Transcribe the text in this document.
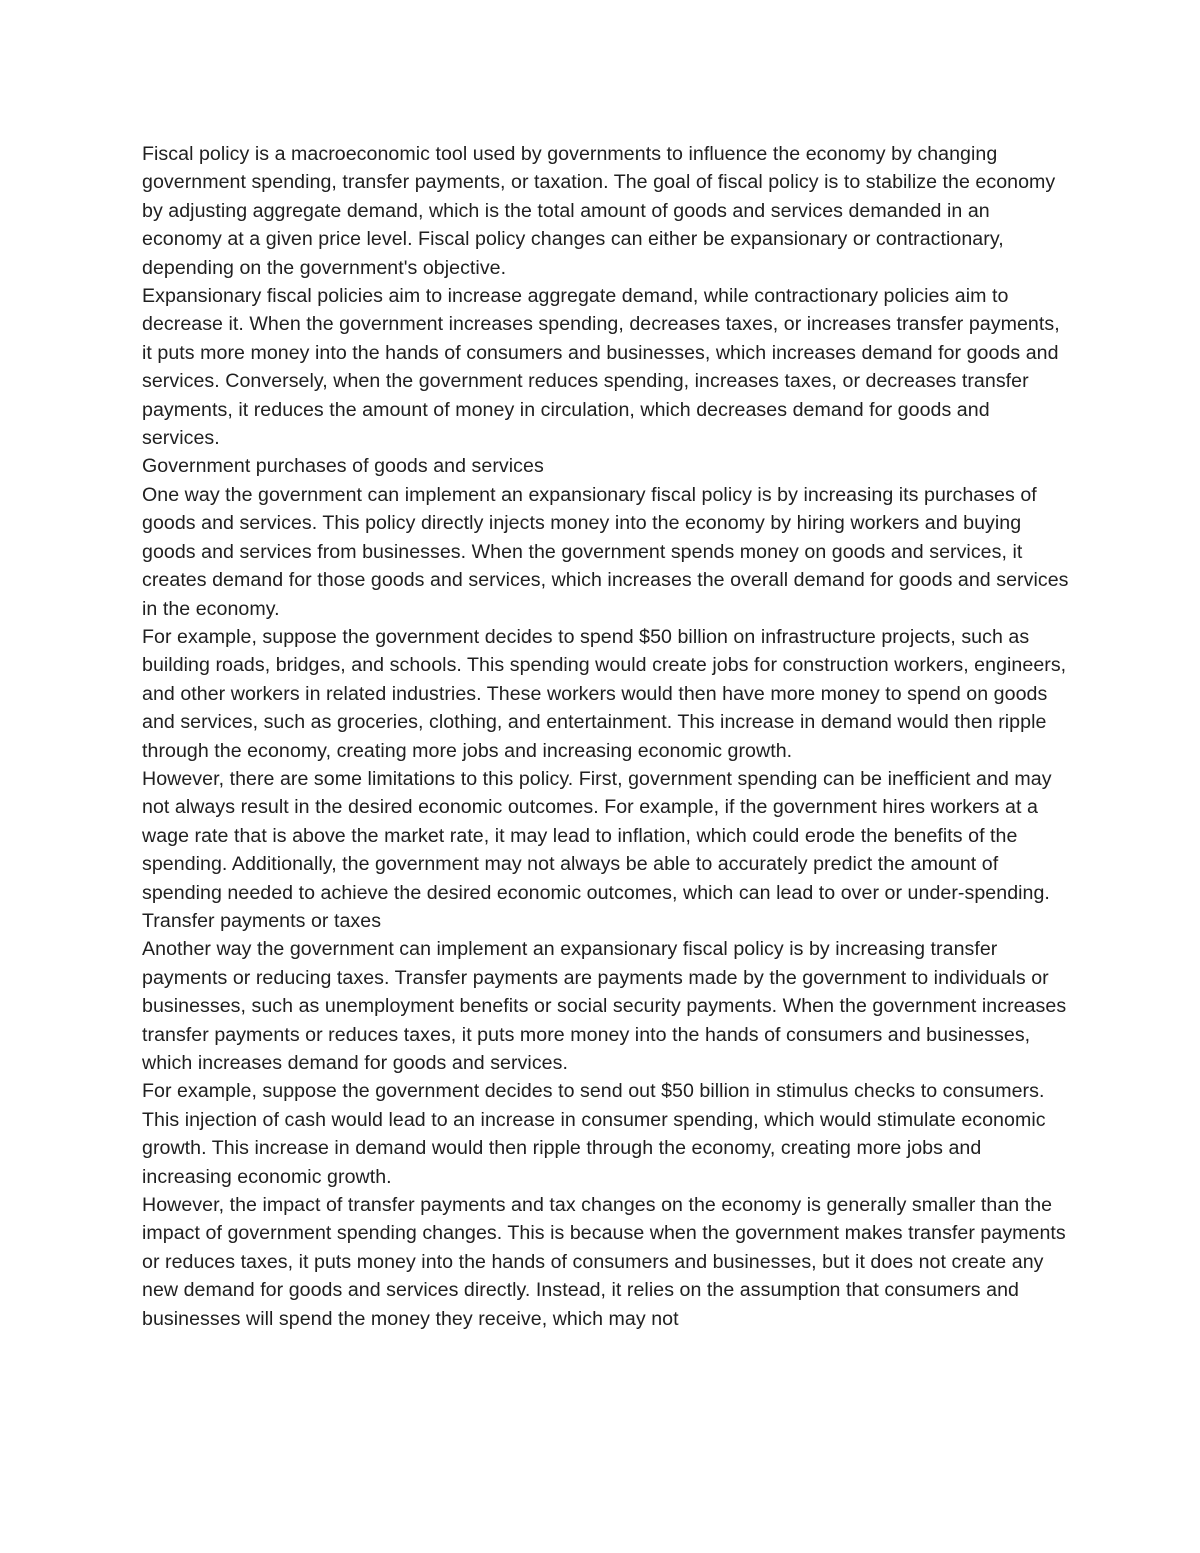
Fiscal policy is a macroeconomic tool used by governments to influence the economy by changing government spending, transfer payments, or taxation. The goal of fiscal policy is to stabilize the economy by adjusting aggregate demand, which is the total amount of goods and services demanded in an economy at a given price level. Fiscal policy changes can either be expansionary or contractionary, depending on the government's objective.

Expansionary fiscal policies aim to increase aggregate demand, while contractionary policies aim to decrease it. When the government increases spending, decreases taxes, or increases transfer payments, it puts more money into the hands of consumers and businesses, which increases demand for goods and services. Conversely, when the government reduces spending, increases taxes, or decreases transfer payments, it reduces the amount of money in circulation, which decreases demand for goods and services.

Government purchases of goods and services

One way the government can implement an expansionary fiscal policy is by increasing its purchases of goods and services. This policy directly injects money into the economy by hiring workers and buying goods and services from businesses. When the government spends money on goods and services, it creates demand for those goods and services, which increases the overall demand for goods and services in the economy.

For example, suppose the government decides to spend $50 billion on infrastructure projects, such as building roads, bridges, and schools. This spending would create jobs for construction workers, engineers, and other workers in related industries. These workers would then have more money to spend on goods and services, such as groceries, clothing, and entertainment. This increase in demand would then ripple through the economy, creating more jobs and increasing economic growth.

However, there are some limitations to this policy. First, government spending can be inefficient and may not always result in the desired economic outcomes. For example, if the government hires workers at a wage rate that is above the market rate, it may lead to inflation, which could erode the benefits of the spending. Additionally, the government may not always be able to accurately predict the amount of spending needed to achieve the desired economic outcomes, which can lead to over or under-spending.

Transfer payments or taxes

Another way the government can implement an expansionary fiscal policy is by increasing transfer payments or reducing taxes. Transfer payments are payments made by the government to individuals or businesses, such as unemployment benefits or social security payments. When the government increases transfer payments or reduces taxes, it puts more money into the hands of consumers and businesses, which increases demand for goods and services.

For example, suppose the government decides to send out $50 billion in stimulus checks to consumers. This injection of cash would lead to an increase in consumer spending, which would stimulate economic growth. This increase in demand would then ripple through the economy, creating more jobs and increasing economic growth.

However, the impact of transfer payments and tax changes on the economy is generally smaller than the impact of government spending changes. This is because when the government makes transfer payments or reduces taxes, it puts money into the hands of consumers and businesses, but it does not create any new demand for goods and services directly. Instead, it relies on the assumption that consumers and businesses will spend the money they receive, which may not
